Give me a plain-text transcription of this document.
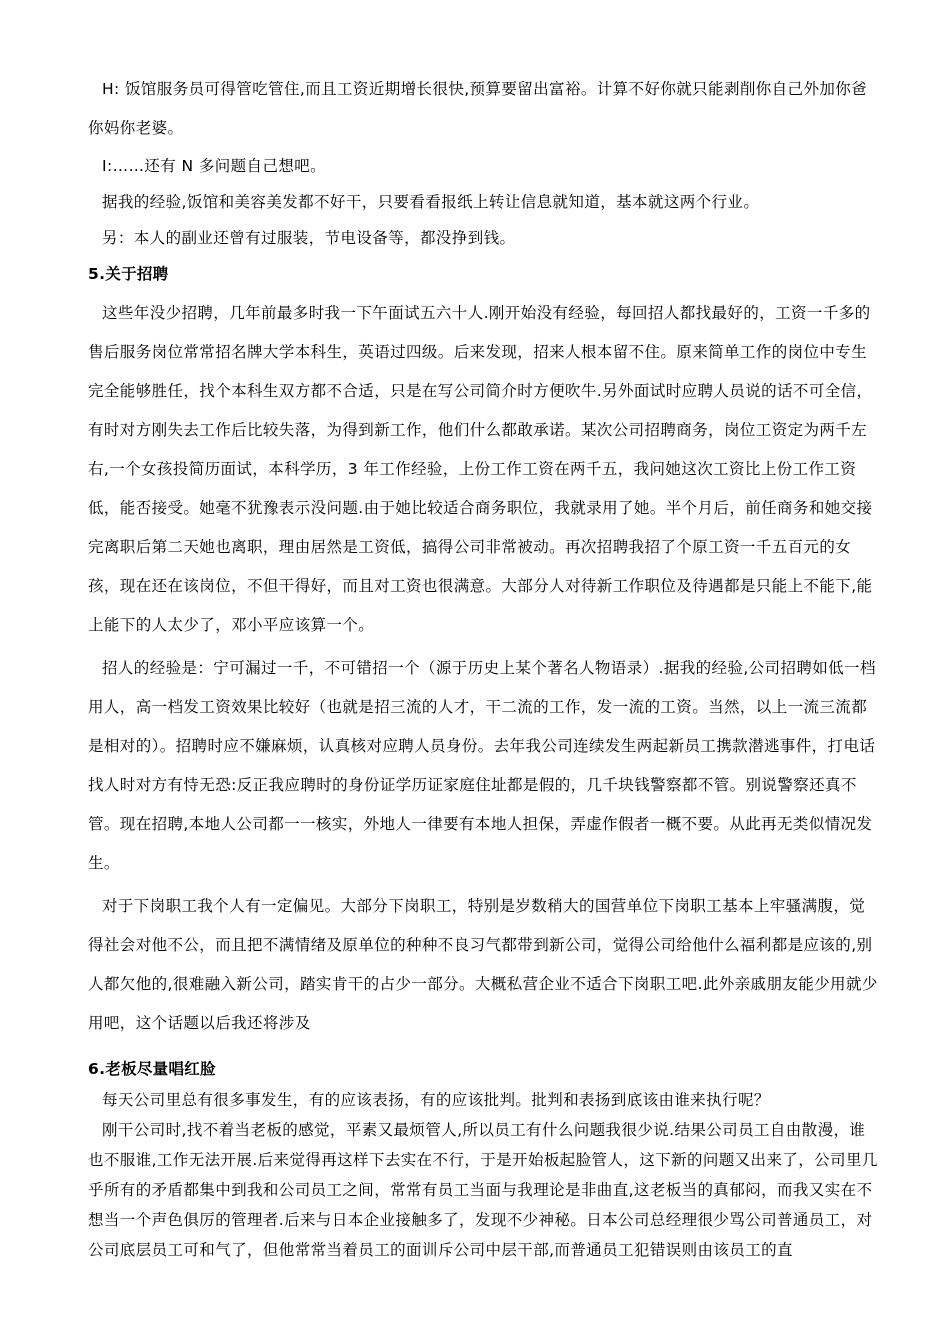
H: 饭馆服务员可得管吃管住,而且工资近期增长很快,预算要留出富裕。计算不好你就只能剥削你自己外加你爸你妈你老婆。

I:……还有 N 多问题自己想吧。

据我的经验,饭馆和美容美发都不好干，只要看看报纸上转让信息就知道，基本就这两个行业。

另：本人的副业还曾有过服装，节电设备等，都没挣到钱。

5.关于招聘

这些年没少招聘，几年前最多时我一下午面试五六十人.刚开始没有经验，每回招人都找最好的，工资一千多的售后服务岗位常常招名牌大学本科生，英语过四级。后来发现，招来人根本留不住。原来简单工作的岗位中专生完全能够胜任，找个本科生双方都不合适，只是在写公司简介时方便吹牛.另外面试时应聘人员说的话不可全信，有时对方刚失去工作后比较失落，为得到新工作，他们什么都敢承诺。某次公司招聘商务，岗位工资定为两千左右,一个女孩投简历面试，本科学历，3 年工作经验，上份工作工资在两千五，我问她这次工资比上份工作工资低，能否接受。她毫不犹豫表示没问题.由于她比较适合商务职位，我就录用了她。半个月后，前任商务和她交接完离职后第二天她也离职，理由居然是工资低，搞得公司非常被动。再次招聘我招了个原工资一千五百元的女孩，现在还在该岗位，不但干得好，而且对工资也很满意。大部分人对待新工作职位及待遇都是只能上不能下,能上能下的人太少了，邓小平应该算一个。

招人的经验是：宁可漏过一千，不可错招一个（源于历史上某个著名人物语录）.据我的经验,公司招聘如低一档用人，高一档发工资效果比较好（也就是招三流的人才，干二流的工作，发一流的工资。当然，以上一流三流都是相对的）。招聘时应不嫌麻烦，认真核对应聘人员身份。去年我公司连续发生两起新员工携款潜逃事件，打电话找人时对方有恃无恐:反正我应聘时的身份证学历证家庭住址都是假的，几千块钱警察都不管。别说警察还真不管。现在招聘,本地人公司都一一核实，外地人一律要有本地人担保，弄虚作假者一概不要。从此再无类似情况发生。

对于下岗职工我个人有一定偏见。大部分下岗职工，特别是岁数稍大的国营单位下岗职工基本上牢骚满腹，觉得社会对他不公，而且把不满情绪及原单位的种种不良习气都带到新公司，觉得公司给他什么福利都是应该的,别人都欠他的,很难融入新公司，踏实肯干的占少一部分。大概私营企业不适合下岗职工吧.此外亲戚朋友能少用就少用吧，这个话题以后我还将涉及

6.老板尽量唱红脸

每天公司里总有很多事发生，有的应该表扬，有的应该批判。批判和表扬到底该由谁来执行呢？

刚干公司时,找不着当老板的感觉，平素又最烦管人,所以员工有什么问题我很少说.结果公司员工自由散漫，谁也不服谁,工作无法开展.后来觉得再这样下去实在不行，于是开始板起脸管人，这下新的问题又出来了，公司里几乎所有的矛盾都集中到我和公司员工之间，常常有员工当面与我理论是非曲直,这老板当的真郁闷，而我又实在不想当一个声色俱厉的管理者.后来与日本企业接触多了，发现不少神秘。日本公司总经理很少骂公司普通员工，对公司底层员工可和气了，但他常常当着员工的面训斥公司中层干部,而普通员工犯错误则由该员工的直
